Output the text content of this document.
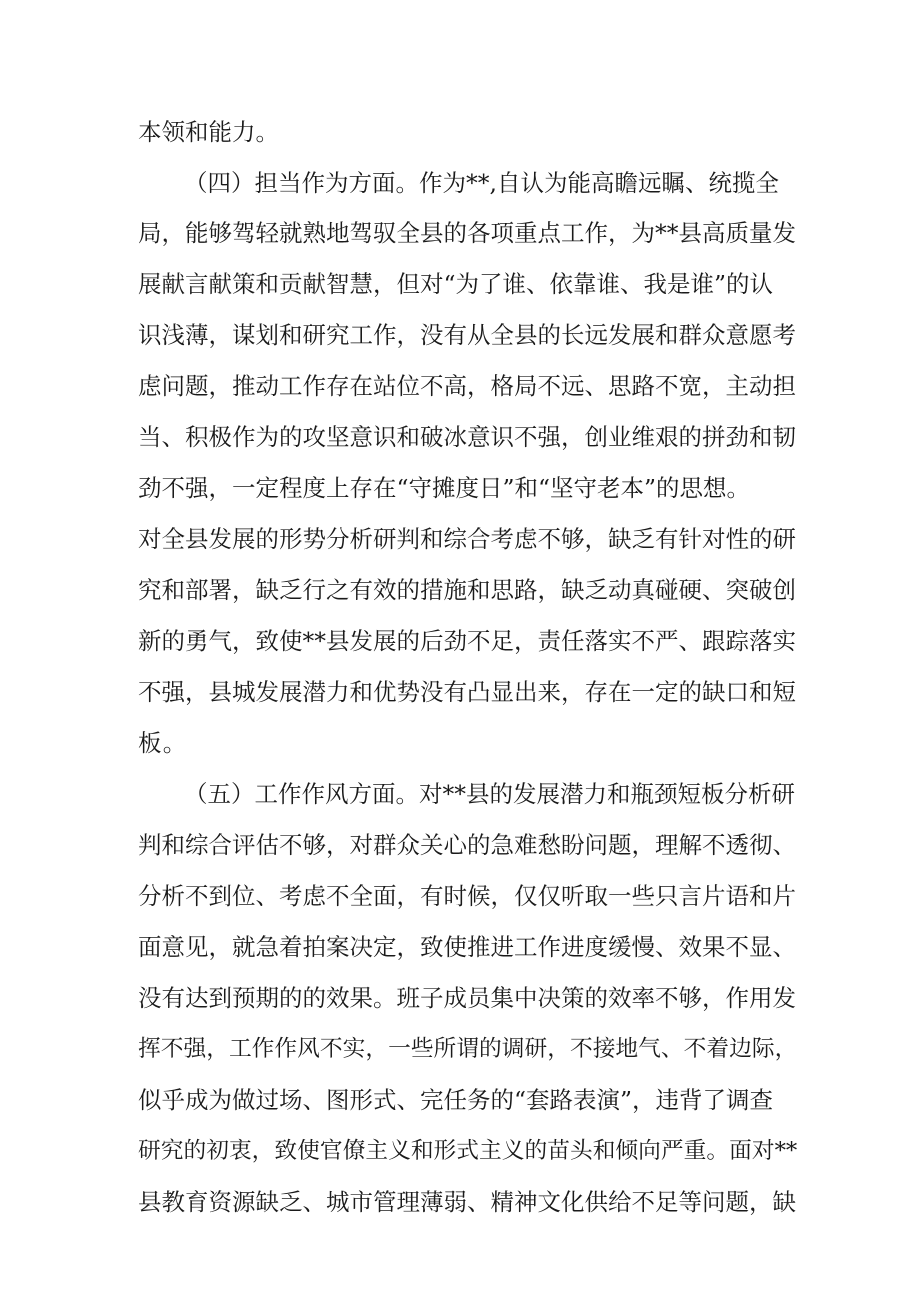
本领和能力。
（四）担当作为方面。作为**,自认为能高瞻远瞩、统揽全
局，能够驾轻就熟地驾驭全县的各项重点工作，为**县高质量发
展献言献策和贡献智慧，但对“为了谁、依靠谁、我是谁”的认
识浅薄，谋划和研究工作，没有从全县的长远发展和群众意愿考
虑问题，推动工作存在站位不高，格局不远、思路不宽，主动担
当、积极作为的攻坚意识和破冰意识不强，创业维艰的拼劲和韧
劲不强，一定程度上存在“守摊度日”和“坚守老本”的思想。
对全县发展的形势分析研判和综合考虑不够，缺乏有针对性的研
究和部署，缺乏行之有效的措施和思路，缺乏动真碰硬、突破创
新的勇气，致使**县发展的后劲不足，责任落实不严、跟踪落实
不强，县城发展潜力和优势没有凸显出来，存在一定的缺口和短
板。
（五）工作作风方面。对**县的发展潜力和瓶颈短板分析研
判和综合评估不够，对群众关心的急难愁盼问题，理解不透彻、
分析不到位、考虑不全面，有时候，仅仅听取一些只言片语和片
面意见，就急着拍案决定，致使推进工作进度缓慢、效果不显、
没有达到预期的的效果。班子成员集中决策的效率不够，作用发
挥不强，工作作风不实，一些所谓的调研，不接地气、不着边际，
似乎成为做过场、图形式、完任务的“套路表演”，违背了调查
研究的初衷，致使官僚主义和形式主义的苗头和倾向严重。面对**
县教育资源缺乏、城市管理薄弱、精神文化供给不足等问题，缺
